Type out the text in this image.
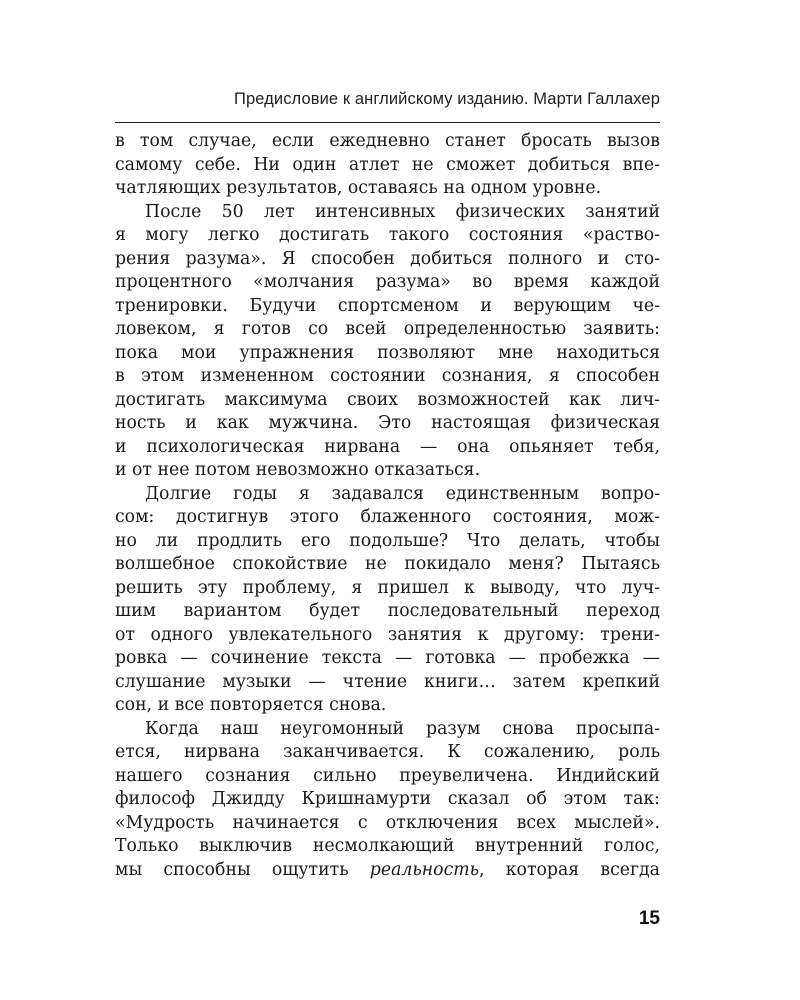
Предисловие к английскому изданию. Марти Галлахер
в том случае, если ежедневно станет бросать вызов
самому себе. Ни один атлет не сможет добиться впе-
чатляющих результатов, оставаясь на одном уровне.
После 50 лет интенсивных физических занятий
я могу легко достигать такого состояния «раство-
рения разума». Я способен добиться полного и сто-
процентного «молчания разума» во время каждой
тренировки. Будучи спортсменом и верующим че-
ловеком, я готов со всей определенностью заявить:
пока мои упражнения позволяют мне находиться
в этом измененном состоянии сознания, я способен
достигать максимума своих возможностей как лич-
ность и как мужчина. Это настоящая физическая
и психологическая нирвана — она опьяняет тебя,
и от нее потом невозможно отказаться.
Долгие годы я задавался единственным вопро-
сом: достигнув этого блаженного состояния, мож-
но ли продлить его подольше? Что делать, чтобы
волшебное спокойствие не покидало меня? Пытаясь
решить эту проблему, я пришел к выводу, что луч-
шим вариантом будет последовательный переход
от одного увлекательного занятия к другому: трени-
ровка — сочинение текста — готовка — пробежка —
слушание музыки — чтение книги… затем крепкий
сон, и все повторяется снова.
Когда наш неугомонный разум снова просыпа-
ется, нирвана заканчивается. К сожалению, роль
нашего сознания сильно преувеличена. Индийский
философ Джидду Кришнамурти сказал об этом так:
«Мудрость начинается с отключения всех мыслей».
Только выключив несмолкающий внутренний голос,
мы способны ощутить реальность, которая всегда
15
